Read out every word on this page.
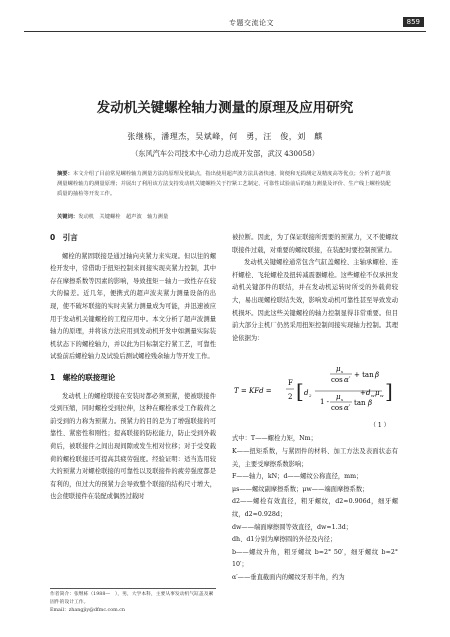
专题交流论文	859
发动机关键螺栓轴力测量的原理及应用研究
张继栋，潘理杰，吴斌峰，何　勇，汪　俊，刘　麒
（东风汽车公司技术中心动力总成开发部，武汉 430058）
摘要：本文介绍了目前常见螺栓轴力测量方法的原理及优缺点，指出使用超声波方法具备快速、简便和无损测定及精度高等优点；分析了超声波测量螺栓轴力的测量原理；并展出了利用该方法支持发动机关键螺栓关于拧紧工艺制定、可靠性试验前后的轴力测量及评价、生产线上螺栓装配质量的抽检等开发工作。
关键词：发动机　关键螺栓　超声波　轴力测量
0　引言

螺栓的紧固联接是通过轴向夹紧力来实现。但以往的螺栓开发中，常借助于扭矩控制来间接实现夹紧力控制，其中存在摩擦系数等因素的影响，导致扭矩－轴力一致性存在较大的偏差。近几年，便携式的超声波夹紧力测量设备的出现，使不破坏联接的实时夹紧力测量成为可能，并迅速被应用于发动机关键螺栓的工程应用中。本文分析了超声波测量轴力的原理，并将该方法应用到发动机开发中如测量实际装机状态下的螺栓轴力，并以此为目标制定拧紧工艺，可靠性试验前后螺栓轴力及试验后测试螺栓残余轴力等开发工作。

1　螺栓的联接理论

发动机上的螺栓联接在安装时都必须预紧，使被联接件受到压缩，同时螺栓受到拉伸，这种在螺栓承受工作载荷之前受到的力称为预紧力。预紧力的目的是为了增强联接的可靠性、紧密性和刚性；提高联接的防松能力，防止受到外载荷后，被联接件之间出现间隙或发生相对位移；对于受变载荷的螺栓联接还可提高其疲劳强度。经验证明：适当选用较大的预紧力对螺栓联接的可靠性以及联接件的疲劳强度都是有利的，但过大的预紧力会导致整个联接的结构尺寸增大，也会使联接件在装配或偶然过载时

被拉断。因此，为了保证联接所需要的预紧力，又不使螺纹联接件过载，对重要的螺纹联接，在装配时要控制预紧力。

发动机关键螺栓通常包含气缸盖螺栓、主轴承螺栓、连杆螺栓、飞轮螺栓及扭转减震器螺栓。这些螺栓不仅承担发动机关键部件的联结，并在发动机运转时所受的外载荷较大，易出现螺栓联结失效，影响发动机可靠性甚至导致发动机损坏。因此这些关键螺栓的轴力控制显得非常重要。但目前大部分主机厂仍然采用扭矩控制间接实现轴力控制。其理论依据为：

T = KFd =
F
2 [ d 2
μ s
cos α′
+ tan β
1 -
μ s
cos α′
tan β
+ d w μ w ]
（ 1 ）

式中：T——螺栓力矩，Nm；

K——扭矩系数，与紧固件的材料、加工方法及表面状态有关，主要受摩擦系数影响；

F——轴力，kN；d——螺纹公称直径，mm；

μs——螺纹副摩擦系数；μw——端面摩擦系数；

d2——螺栓有效直径，粗牙螺纹，d2≈0.906d，细牙螺纹，d2≈0.928d；

dw——端面摩擦圆等效直径，dw≈1.3d；

dh、d1分别为摩擦圆的外径及内径；

b——螺纹升角，粗牙螺纹 b≈2° 50′，细牙螺纹 b≈2° 10′；

α′——垂直截面内的螺纹牙形半角，约为

作者简介：张继栋（1988—　），男，大学本科，主要从事发动机气缸盖及紧固件的设计工作。
Email：zhangjiy@dfmc.com.cn
